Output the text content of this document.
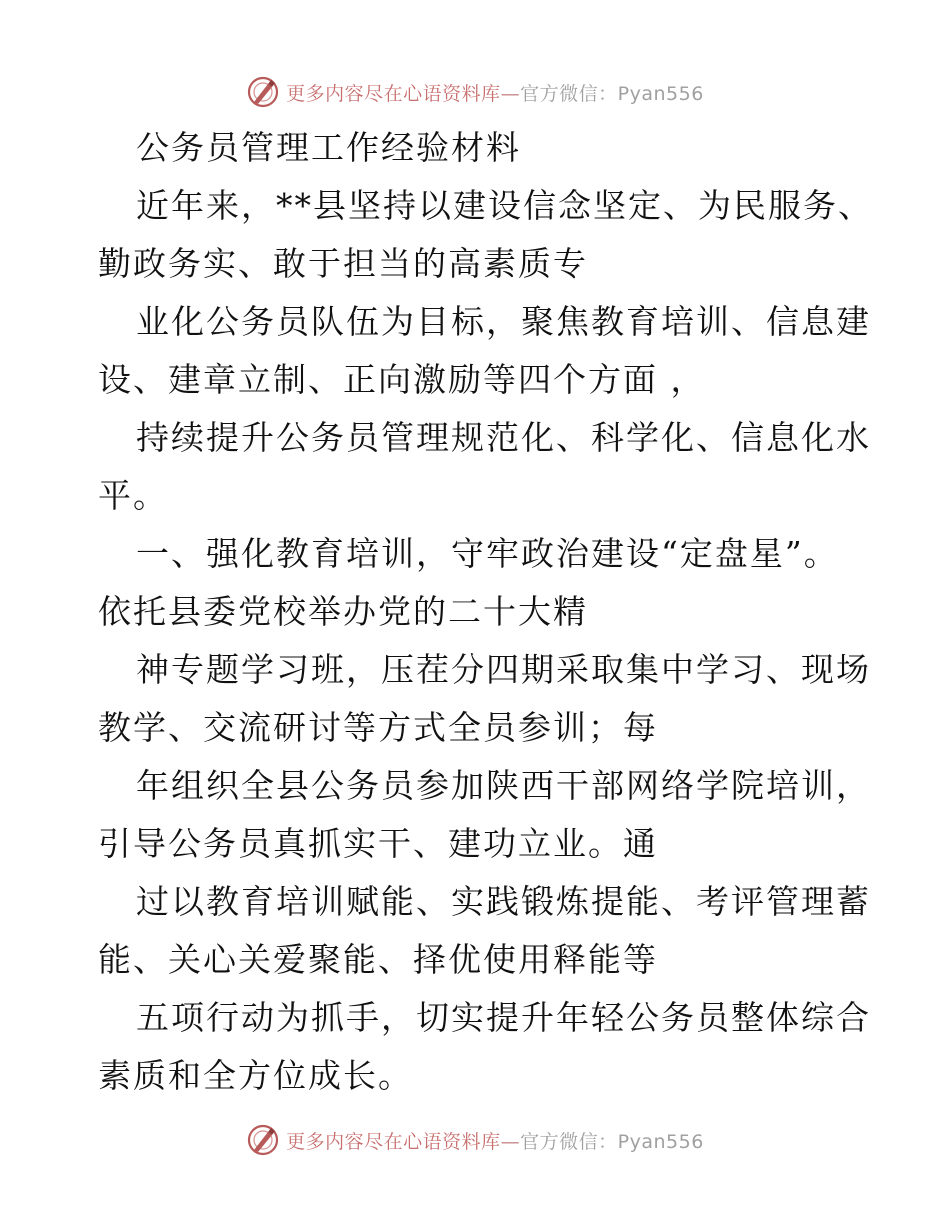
更多内容尽在心语资料库—官方微信：Pyan556
公务员管理工作经验材料
近年来，**县坚持以建设信念坚定、为民服务、
勤政务实、敢于担当的高素质专
业化公务员队伍为目标，聚焦教育培训、信息建
设、建章立制、正向激励等四个方面 ，
持续提升公务员管理规范化、科学化、信息化水
平。
一、强化教育培训，守牢政治建设“定盘星”。
依托县委党校举办党的二十大精
神专题学习班，压茬分四期采取集中学习、现场
教学、交流研讨等方式全员参训；每
年组织全县公务员参加陕西干部网络学院培训，
引导公务员真抓实干、建功立业。通
过以教育培训赋能、实践锻炼提能、考评管理蓄
能、关心关爱聚能、择优使用释能等
五项行动为抓手，切实提升年轻公务员整体综合
素质和全方位成长。
更多内容尽在心语资料库—官方微信：Pyan556
